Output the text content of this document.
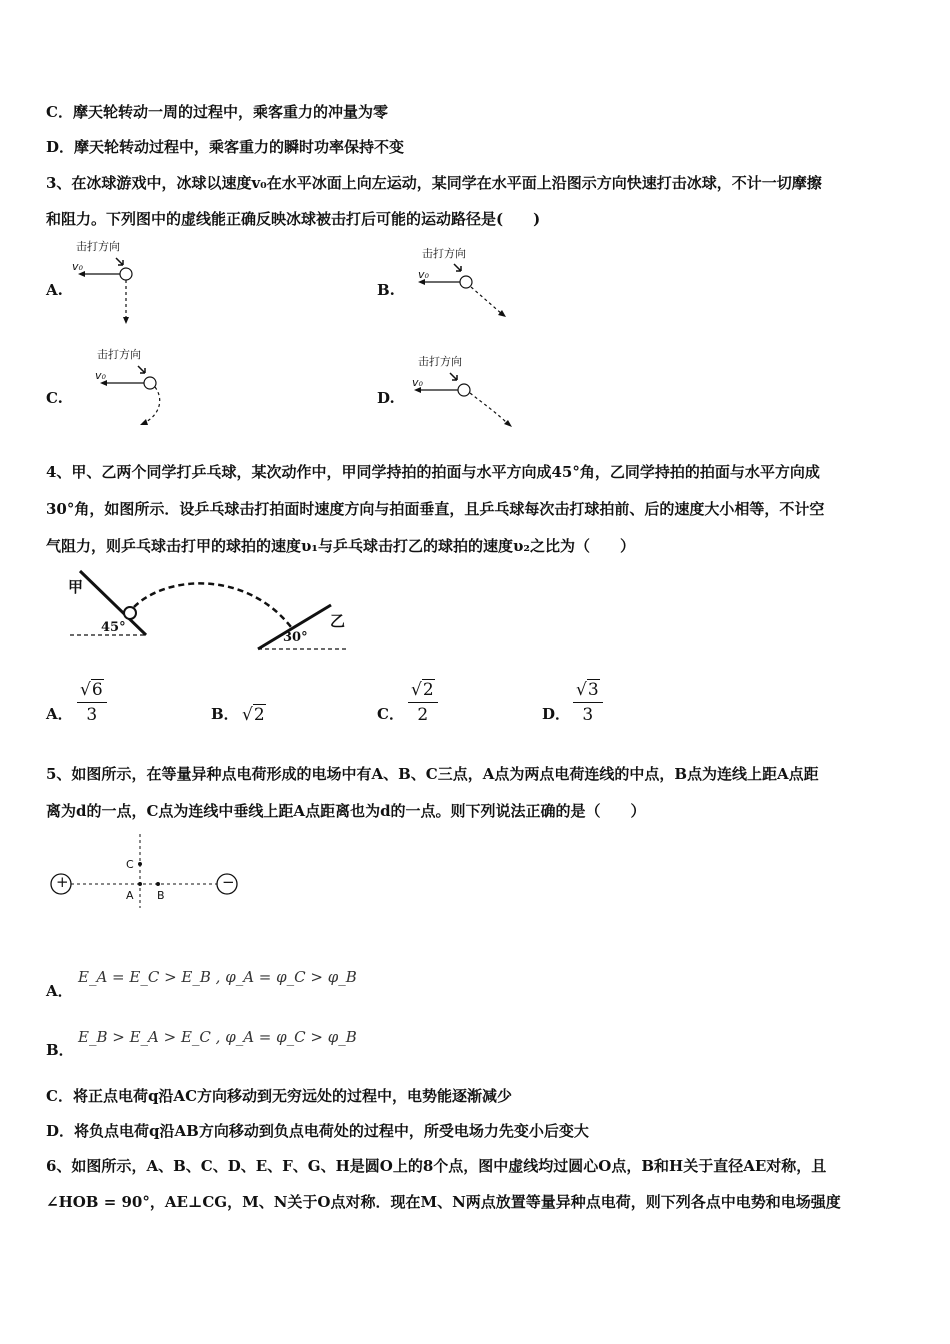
C．摩天轮转动一周的过程中，乘客重力的冲量为零
D．摩天轮转动过程中，乘客重力的瞬时功率保持不变
3、在冰球游戏中，冰球以速度v₀在水平冰面上向左运动，某同学在水平面上沿图示方向快速打击冰球，不计一切摩擦
和阻力。下列图中的虚线能正确反映冰球被击打后可能的运动路径是(　　)
A.
击打方向
v₀
B.
击打方向
v₀
C.
击打方向
v₀
D.
击打方向
v₀
4、甲、乙两个同学打乒乓球，某次动作中，甲同学持拍的拍面与水平方向成45°角，乙同学持拍的拍面与水平方向成
30°角，如图所示．设乒乓球击打拍面时速度方向与拍面垂直，且乒乓球每次击打球拍前、后的速度大小相等，不计空
气阻力，则乒乓球击打甲的球拍的速度υ₁与乒乓球击打乙的球拍的速度υ₂之比为（　　）
甲
乙
45°
30°
A． $\frac{√6}{3}$	B． √2	C． $\frac{√2}{2}$	D． $\frac{√3}{3}$
5、如图所示，在等量异种点电荷形成的电场中有A、B、C三点，A点为两点电荷连线的中点，B点为连线上距A点距
离为d的一点，C点为连线中垂线上距A点距离也为d的一点。则下列说法正确的是（　　）
+	−
A B
C
A．
E_A = E_C > E_B , φ_A = φ_C > φ_B
B．
E_B > E_A > E_C , φ_A = φ_C > φ_B
C．将正点电荷q沿AC方向移动到无穷远处的过程中，电势能逐渐减少
D．将负点电荷q沿AB方向移动到负点电荷处的过程中，所受电场力先变小后变大
6、如图所示，A、B、C、D、E、F、G、H是圆O上的8个点，图中虚线均过圆心O点，B和H关于直径AE对称，且
∠HOB = 90°，AE⊥CG，M、N关于O点对称．现在M、N两点放置等量异种点电荷，则下列各点中电势和电场强度
